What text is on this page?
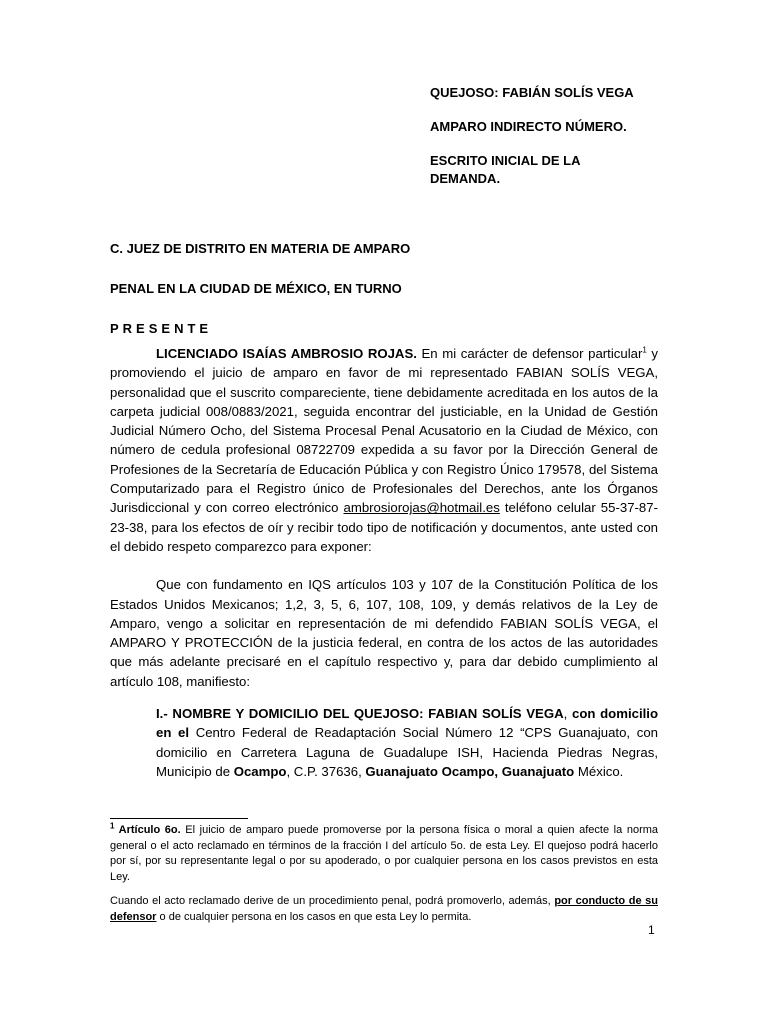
QUEJOSO: FABIÁN SOLÍS VEGA

AMPARO INDIRECTO NÚMERO.

ESCRITO INICIAL DE LA
DEMANDA.

C. JUEZ DE DISTRITO EN MATERIA DE AMPARO

PENAL EN LA CIUDAD DE MÉXICO, EN TURNO

PRESENTE

LICENCIADO ISAÍAS AMBROSIO ROJAS. En mi carácter de defensor particular$^1$ y promoviendo el juicio de amparo en favor de mi representado FABIAN SOLÍS VEGA, personalidad que el suscrito compareciente, tiene debidamente acreditada en los autos de la carpeta judicial 008/0883/2021, seguida encontrar del justiciable, en la Unidad de Gestión Judicial Número Ocho, del Sistema Procesal Penal Acusatorio en la Ciudad de México, con número de cedula profesional 08722709 expedida a su favor por la Dirección General de Profesiones de la Secretaría de Educación Pública y con Registro Único 179578, del Sistema Computarizado para el Registro único de Profesionales del Derechos, ante los Órganos Jurisdiccional y con correo electrónico ambrosiorojas@hotmail.es teléfono celular 55-37-87-23-38, para los efectos de oír y recibir todo tipo de notificación y documentos, ante usted con el debido respeto comparezco para exponer:

Que con fundamento en IQS artículos 103 y 107 de la Constitución Política de los Estados Unidos Mexicanos; 1,2, 3, 5, 6, 107, 108, 109, y demás relativos de la Ley de Amparo, vengo a solicitar en representación de mi defendido FABIAN SOLÍS VEGA, el AMPARO Y PROTECCIÓN de la justicia federal, en contra de los actos de las autoridades que más adelante precisaré en el capítulo respectivo y, para dar debido cumplimiento al artículo 108, manifiesto:

I.- NOMBRE Y DOMICILIO DEL QUEJOSO: FABIAN SOLÍS VEGA, con domicilio en el Centro Federal de Readaptación Social Número 12 “CPS Guanajuato, con domicilio en Carretera Laguna de Guadalupe ISH, Hacienda Piedras Negras, Municipio de Ocampo, C.P. 37636, Guanajuato Ocampo, Guanajuato México.

$^1$ Artículo 6o. El juicio de amparo puede promoverse por la persona física o moral a quien afecte la norma general o el acto reclamado en términos de la fracción I del artículo 5o. de esta Ley. El quejoso podrá hacerlo por sí, por su representante legal o por su apoderado, o por cualquier persona en los casos previstos en esta Ley.

Cuando el acto reclamado derive de un procedimiento penal, podrá promoverlo, además, por conducto de su defensor o de cualquier persona en los casos en que esta Ley lo permita.

1
